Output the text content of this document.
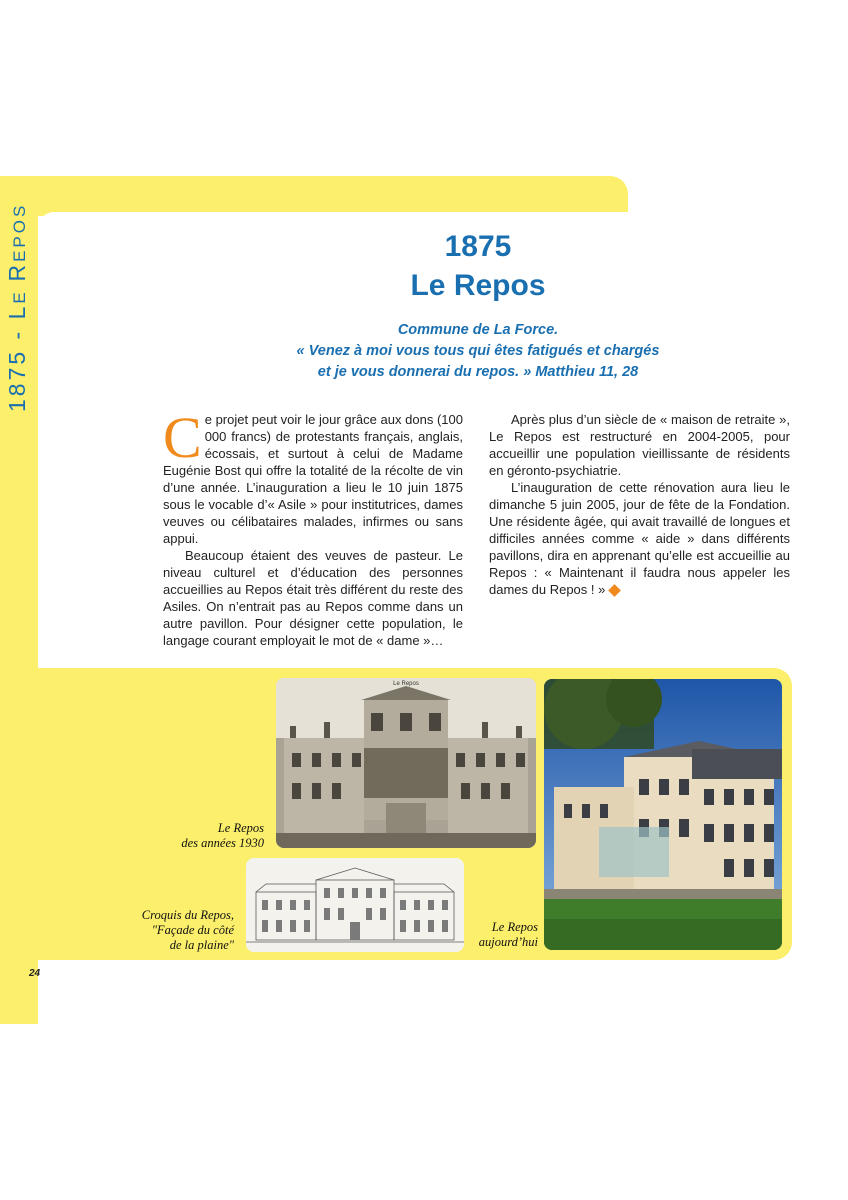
1875 - LE REPOS	1875
Le Repos
Commune de La Force.
« Venez à moi vous tous qui êtes fatigués et chargés
et je vous donnerai du repos. » Matthieu 11, 28

Ce projet peut voir le jour grâce aux dons (100 000 francs) de protestants français, anglais, écossais, et surtout à celui de Madame Eugénie Bost qui offre la totalité de la récolte de vin d’une année. L’inauguration a lieu le 10 juin 1875 sous le vocable d’« Asile » pour institutrices, dames veuves ou célibataires malades, infirmes ou sans appui.

Beaucoup étaient des veuves de pasteur. Le niveau culturel et d’éducation des personnes accueillies au Repos était très différent du reste des Asiles. On n’entrait pas au Repos comme dans un autre pavillon. Pour désigner cette population, le langage courant employait le mot de « dame »…

Après plus d’un siècle de « maison de retraite », Le Repos est restructuré en 2004-2005, pour accueillir une population vieillissante de résidents en géronto-psychiatrie.

L’inauguration de cette rénovation aura lieu le dimanche 5 juin 2005, jour de fête de la Fondation. Une résidente âgée, qui avait travaillé de longues et difficiles années comme « aide » dans différents pavillons, dira en apprenant qu’elle est accueillie au Repos : « Maintenant il faudra nous appeler les dames du Repos ! »

Le Repos
Le Repos
des années 1930
Croquis du Repos,
"Façade du côté
de la plaine"
Le Repos
aujourd’hui
24
